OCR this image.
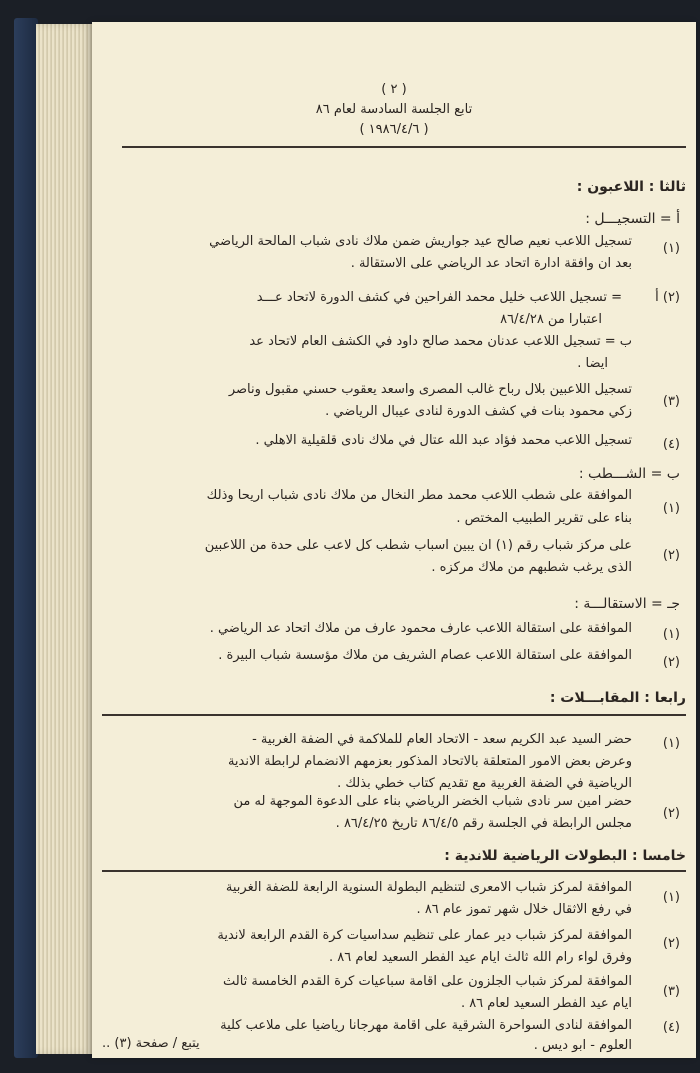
( ٢ )
تابع الجلسة السادسة لعام ٨٦
( ١٩٨٦/٤/٦ )
ثالثا : اللاعبون :
أ = التسجيـــل :
(١)
تسجيل اللاعب نعيم صالح عيد جواريش ضمن ملاك نادى شباب المالحة الرياضي
بعد ان وافقة ادارة اتحاد عد الرياضي على الاستقالة .
(٢) أ
= تسجيل اللاعب خليل محمد الفراحين في كشف الدورة لاتحاد عـــد
اعتبارا من ٨٦/٤/٢٨
ب = تسجيل اللاعب عدنان محمد صالح داود في الكشف العام لاتحاد عد
ايضا .
(٣)
تسجيل اللاعبين بلال رباح غالب المصرى واسعد يعقوب حسني مقبول وناصر
زكي محمود بنات في كشف الدورة لنادى عيبال الرياضي .
(٤)
تسجيل اللاعب محمد فؤاد عبد الله عتال في ملاك نادى قلقيلية الاهلي .
ب = الشـــطب :
(١)
الموافقة على شطب اللاعب محمد مطر النخال من ملاك نادى شباب اريحا وذلك
بناء على تقرير الطبيب المختص .
(٢)
على مركز شباب رقم (١) ان يبين اسباب شطب كل لاعب على حدة من اللاعبين
الذى يرغب شطبهم من ملاك مركزه .
جـ = الاستقالـــة :
(١)
الموافقة على استقالة اللاعب عارف محمود عارف من ملاك اتحاد عد الرياضي .
(٢)
الموافقة على استقالة اللاعب عصام الشريف من ملاك مؤسسة شباب البيرة .
رابعا : المقابـــلات :
(١)
حضر السيد عبد الكريم سعد - الاتحاد العام للملاكمة في الضفة الغربية -
وعرض بعض الامور المتعلقة بالاتحاد المذكور بعزمهم الانضمام لرابطة الاندية
الرياضية في الضفة الغربية مع تقديم كتاب خطي بذلك .
(٢)
حضر امين سر نادى شباب الخضر الرياضي بناء على الدعوة الموجهة له من
مجلس الرابطة في الجلسة رقم ٨٦/٤/٥ تاريخ ٨٦/٤/٢٥ .
خامسا : البطولات الرياضية للاندية :
(١)
الموافقة لمركز شباب الامعرى لتنظيم البطولة السنوية الرابعة للضفة الغربية
في رفع الاثقال خلال شهر تموز عام ٨٦ .
(٢)
الموافقة لمركز شباب دير عمار على تنظيم سداسيات كرة القدم الرابعة لاندية
وفرق لواء رام الله ثالث ايام عيد الفطر السعيد لعام ٨٦ .
(٣)
الموافقة لمركز شباب الجلزون على اقامة سباعيات كرة القدم الخامسة ثالث
ايام عيد الفطر السعيد لعام ٨٦ .
(٤)
الموافقة لنادى السواحرة الشرقية على اقامة مهرجانا رياضيا على ملاعب كلية
العلوم - ابو ديس .
يتبع / صفحة (٣) ..
